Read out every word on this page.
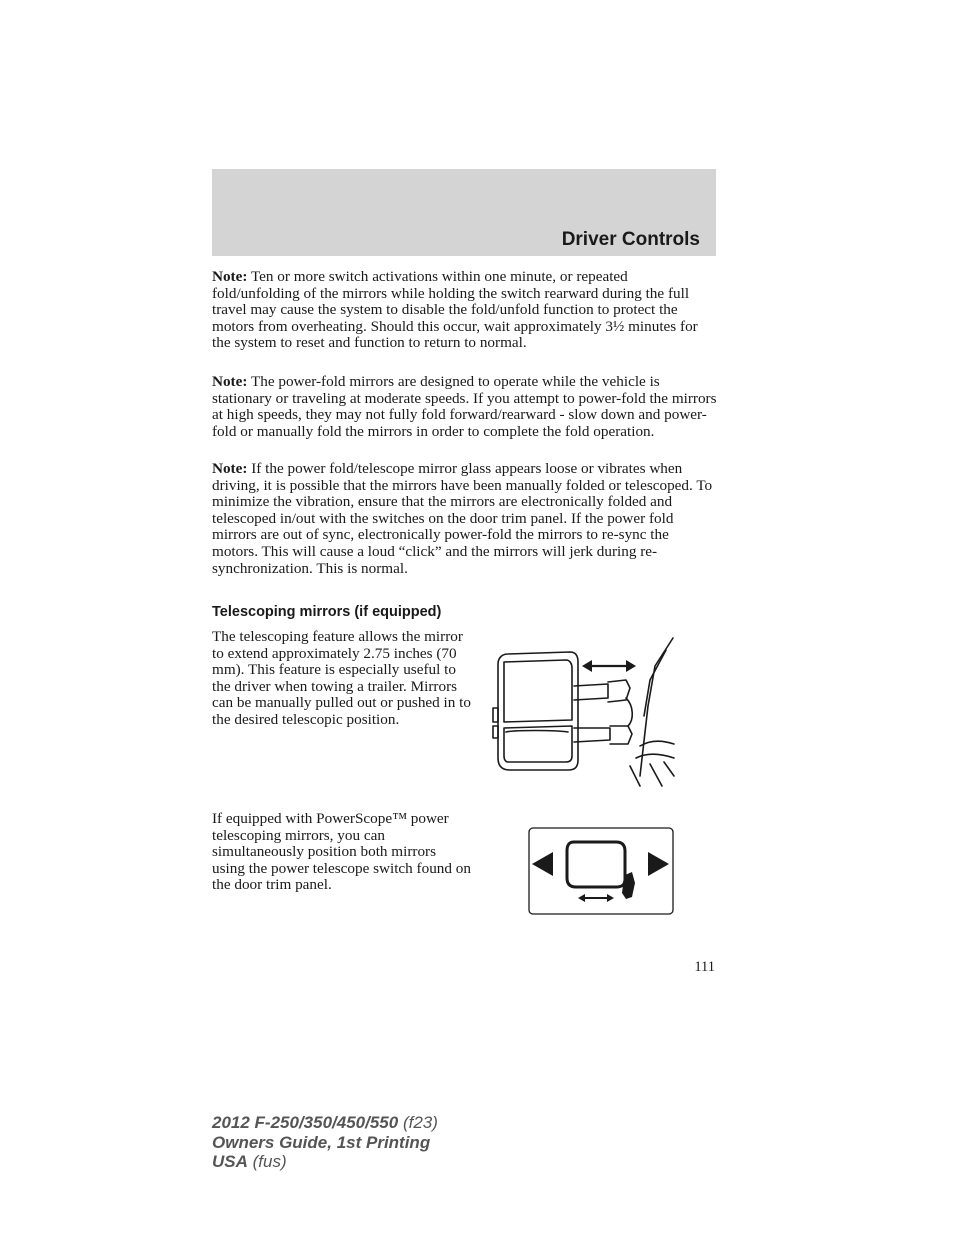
Driver Controls

Note: Ten or more switch activations within one minute, or repeated fold/unfolding of the mirrors while holding the switch rearward during the full travel may cause the system to disable the fold/unfold function to protect the motors from overheating. Should this occur, wait approximately 3½ minutes for the system to reset and function to return to normal.

Note: The power-fold mirrors are designed to operate while the vehicle is stationary or traveling at moderate speeds. If you attempt to power-fold the mirrors at high speeds, they may not fully fold forward/rearward - slow down and power-fold or manually fold the mirrors in order to complete the fold operation.

Note: If the power fold/telescope mirror glass appears loose or vibrates when driving, it is possible that the mirrors have been manually folded or telescoped. To minimize the vibration, ensure that the mirrors are electronically folded and telescoped in/out with the switches on the door trim panel. If the power fold mirrors are out of sync, electronically power-fold the mirrors to re-sync the motors. This will cause a loud “click” and the mirrors will jerk during re-synchronization. This is normal.

Telescoping mirrors (if equipped)

The telescoping feature allows the mirror to extend approximately 2.75 inches (70 mm). This feature is especially useful to the driver when towing a trailer. Mirrors can be manually pulled out or pushed in to the desired telescopic position.

If equipped with PowerScope™ power telescoping mirrors, you can simultaneously position both mirrors using the power telescope switch found on the door trim panel.

111
2012 F-250/350/450/550 (f23)
Owners Guide, 1st Printing
USA (fus)
